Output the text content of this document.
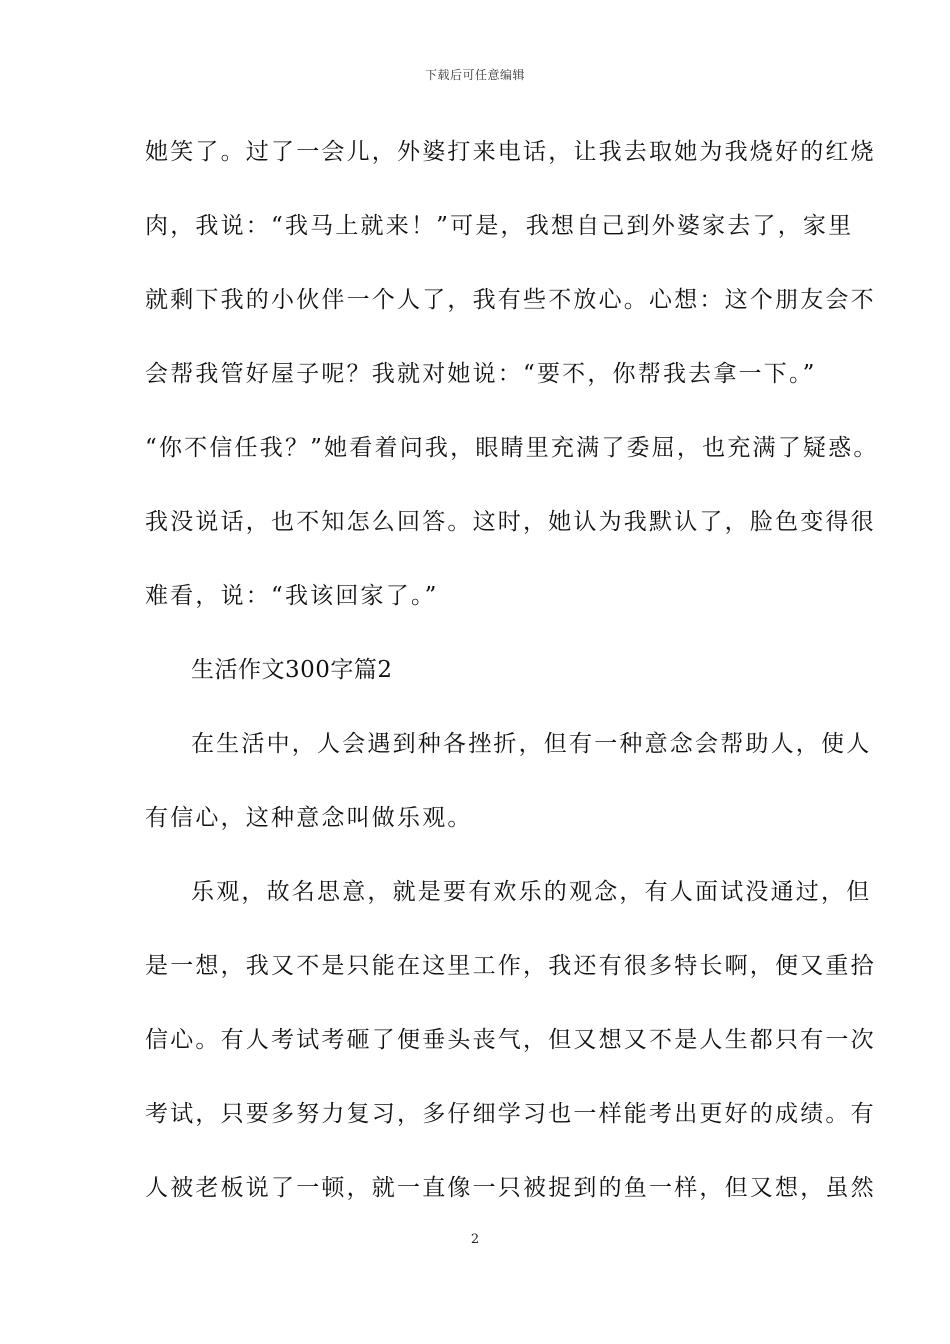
下载后可任意编辑
她笑了。过了一会儿，外婆打来电话，让我去取她为我烧好的红烧
肉，我说：“我马上就来！”可是，我想自己到外婆家去了，家里
就剩下我的小伙伴一个人了，我有些不放心。心想：这个朋友会不
会帮我管好屋子呢？我就对她说：“要不，你帮我去拿一下。”
“你不信任我？”她看着问我，眼睛里充满了委屈，也充满了疑惑。
我没说话，也不知怎么回答。这时，她认为我默认了，脸色变得很
难看，说：“我该回家了。”
生活作文300字篇2
在生活中，人会遇到种各挫折，但有一种意念会帮助人，使人
有信心，这种意念叫做乐观。
乐观，故名思意，就是要有欢乐的观念，有人面试没通过，但
是一想，我又不是只能在这里工作，我还有很多特长啊，便又重拾
信心。有人考试考砸了便垂头丧气，但又想又不是人生都只有一次
考试，只要多努力复习，多仔细学习也一样能考出更好的成绩。有
人被老板说了一顿，就一直像一只被捉到的鱼一样，但又想，虽然
2
